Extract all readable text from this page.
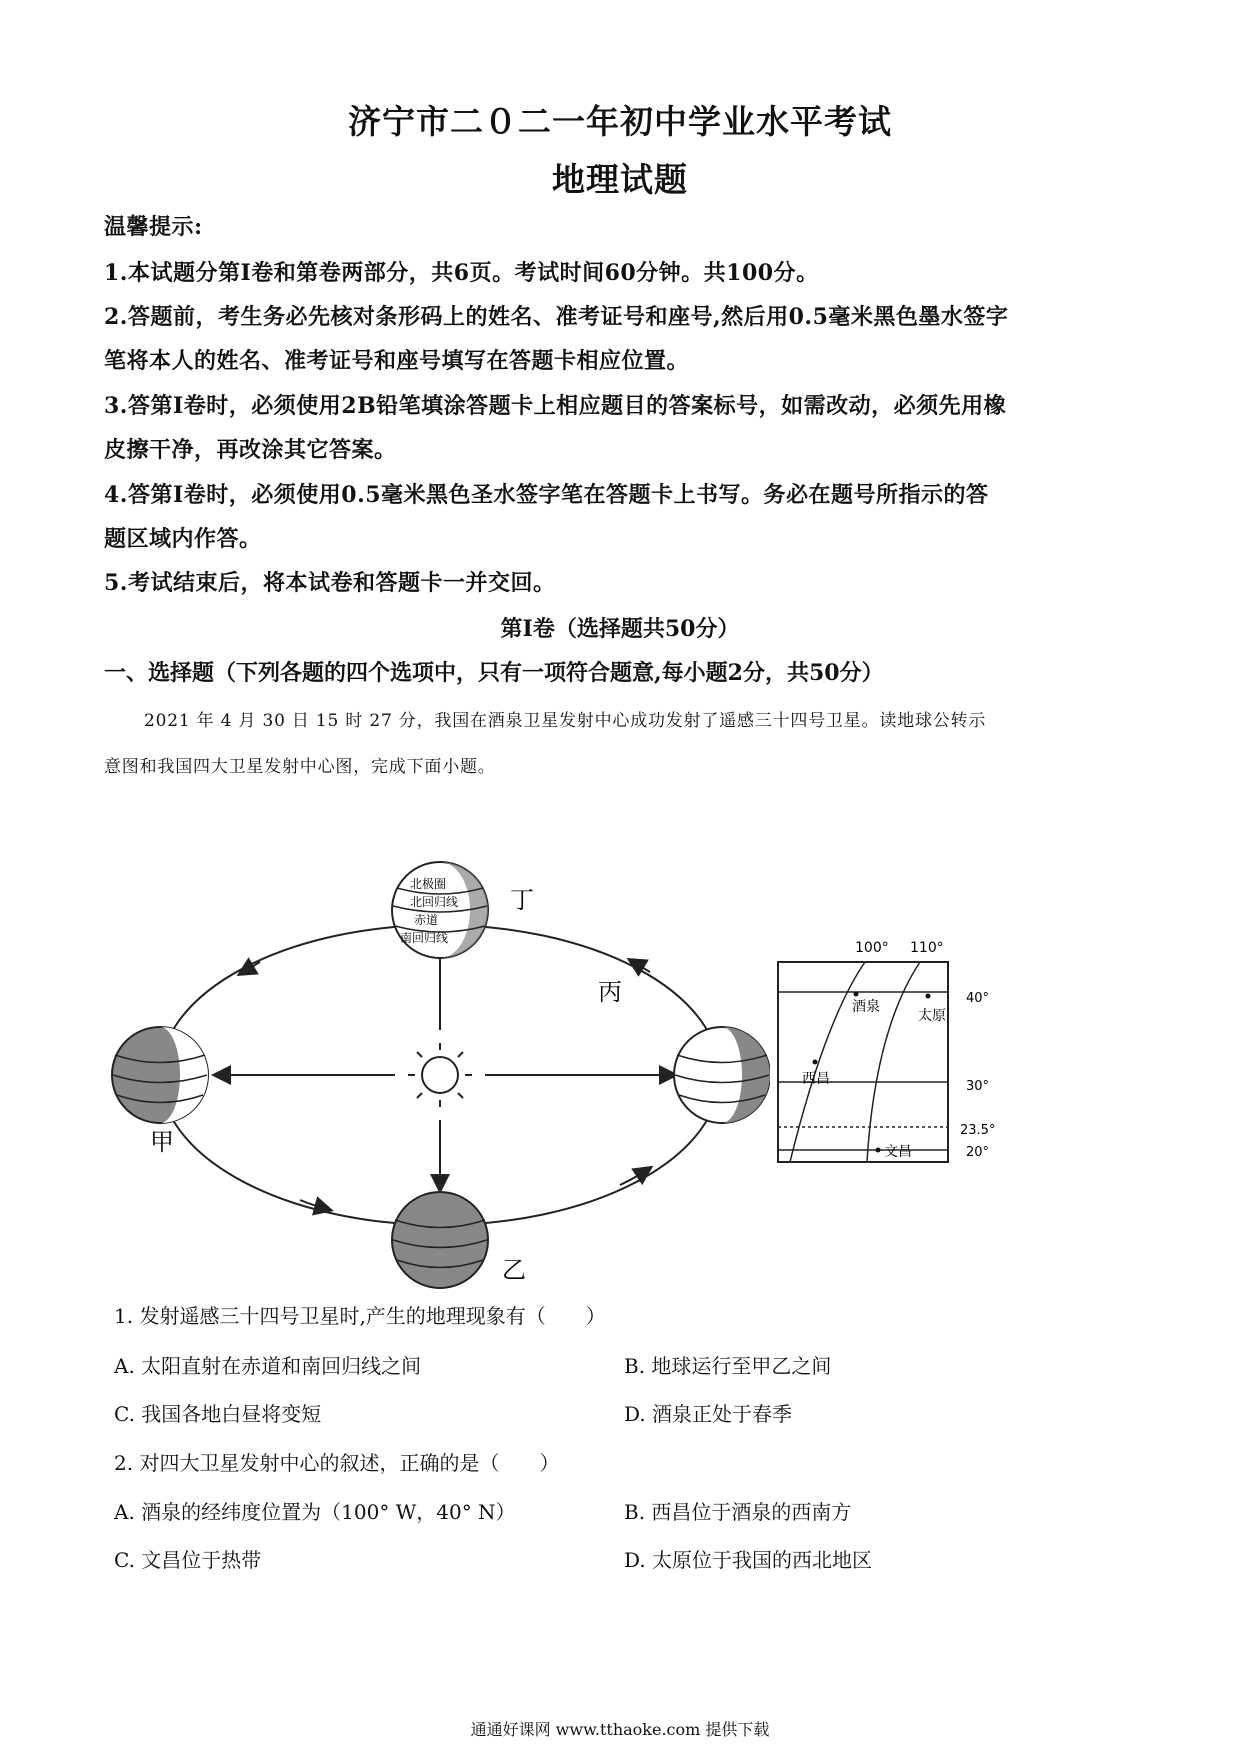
济宁市二０二一年初中学业水平考试
地理试题
温馨提示:
1.本试题分第Ⅰ卷和第卷两部分，共6页。考试时间60分钟。共100分。
2.答题前，考生务必先核对条形码上的姓名、准考证号和座号,然后用0.5毫米黑色墨水签字
笔将本人的姓名、准考证号和座号填写在答题卡相应位置。
3.答第Ⅰ卷时，必须使用2B铅笔填涂答题卡上相应题目的答案标号，如需改动，必须先用橡
皮擦干净，再改涂其它答案。
4.答第Ⅰ卷时，必须使用0.5毫米黑色圣水签字笔在答题卡上书写。务必在题号所指示的答
题区域内作答。
5.考试结束后，将本试卷和答题卡一并交回。
第Ⅰ卷（选择题共50分）
一、选择题（下列各题的四个选项中，只有一项符合题意,每小题2分，共50分）
2021 年 4 月 30 日 15 时 27 分，我国在酒泉卫星发射中心成功发射了遥感三十四号卫星。读地球公转示
意图和我国四大卫星发射中心图，完成下面小题。
北极圈
北回归线
赤道
南回归线
丁
甲
丙
乙
100° 110°
40°
30°
23.5°
20°
酒泉
太原
西昌
文昌
1. 发射遥感三十四号卫星时,产生的地理现象有（　　）
A. 太阳直射在赤道和南回归线之间	B. 地球运行至甲乙之间
C. 我国各地白昼将变短	D. 酒泉正处于春季
2. 对四大卫星发射中心的叙述，正确的是（　　）
A. 酒泉的经纬度位置为（100° W，40° N）	B. 西昌位于酒泉的西南方
C. 文昌位于热带	D. 太原位于我国的西北地区
通通好课网 www.tthaoke.com 提供下载
